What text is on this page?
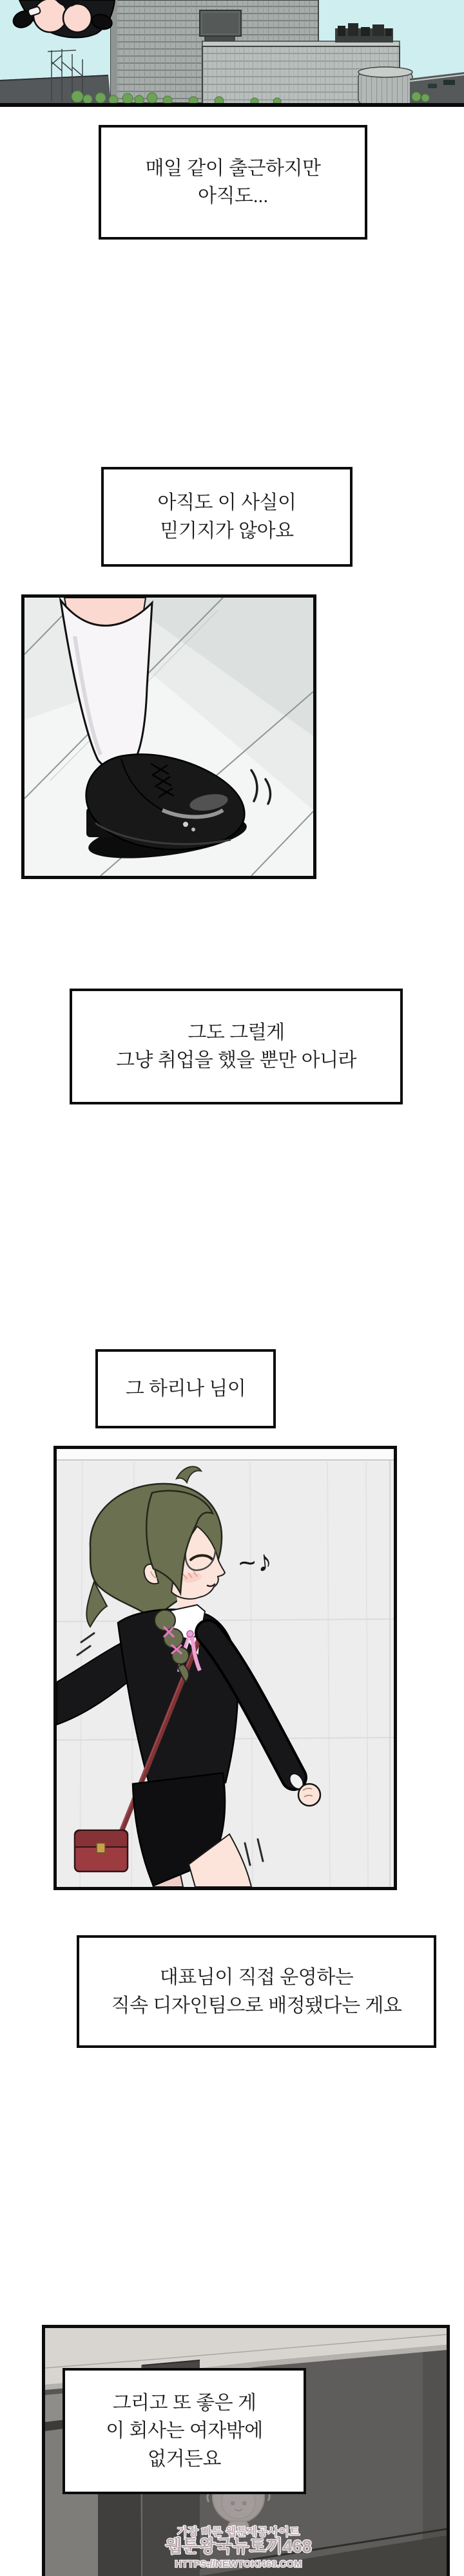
매일 같이 출근하지만
아직도...
아직도 이 사실이
믿기지가 않아요
그도 그럴게
그냥 취업을 했을 뿐만 아니라
그 하리나 님이
~♪
대표님이 직접 운영하는
직속 디자인팀으로 배정됐다는 게요
가장 빠른 웹툰제공사이트
웹툰왕국뉴토끼468
HTTPS://NEWTOKI468.COM
그리고 또 좋은 게
이 회사는 여자밖에
없거든요
